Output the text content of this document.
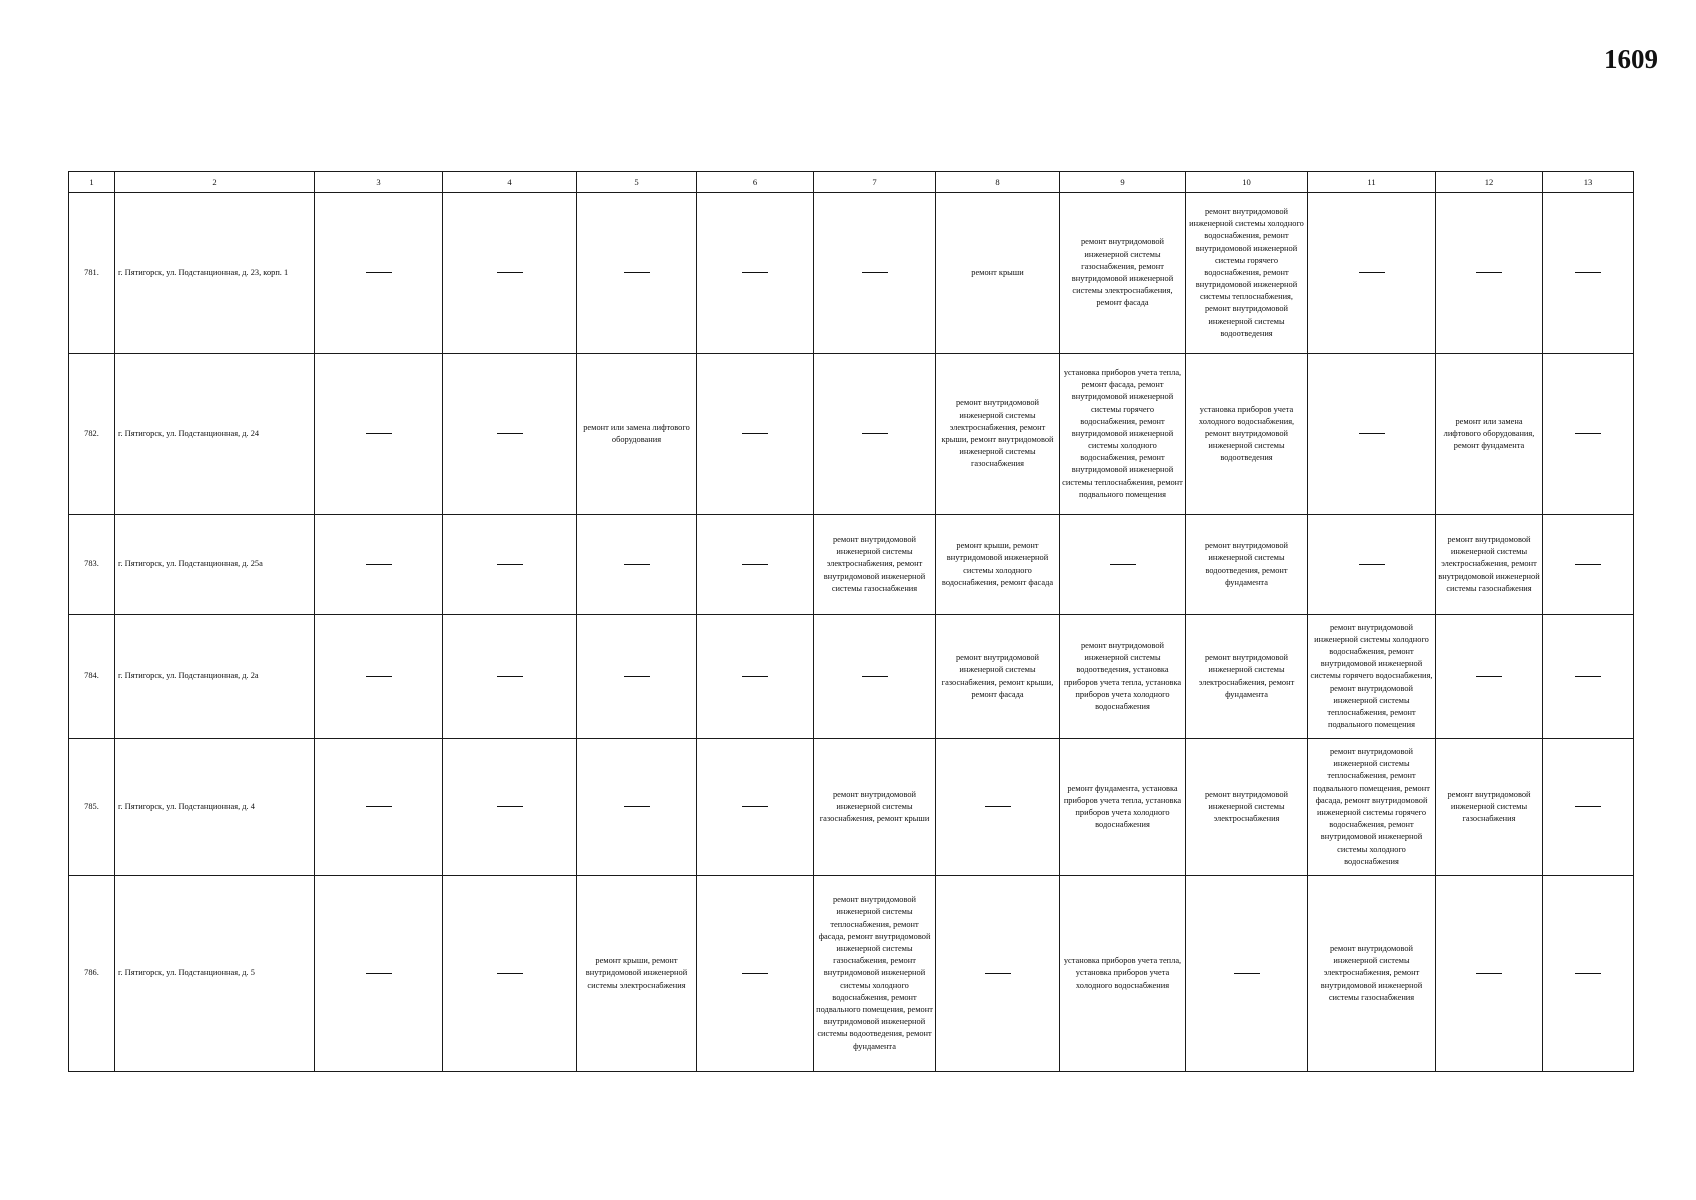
1609
1	2	3	4	5	6	7	8	9	10	11	12	13
781.	г. Пятигорск, ул. Подстанционная, д. 23, корп. 1						ремонт крыши	ремонт внутридомовой инженерной системы газоснабжения, ремонт внутридомовой инженерной системы электроснабжения, ремонт фасада	ремонт внутридомовой инженерной системы холодного водоснабжения, ремонт внутридомовой инженерной системы горячего водоснабжения, ремонт внутридомовой инженерной системы теплоснабжения, ремонт внутридомовой инженерной системы водоотведения			
782.	г. Пятигорск, ул. Подстанционная, д. 24			ремонт или замена лифтового оборудования			ремонт внутридомовой инженерной системы электроснабжения, ремонт крыши, ремонт внутридомовой инженерной системы газоснабжения	установка приборов учета тепла, ремонт фасада, ремонт внутридомовой инженерной системы горячего водоснабжения, ремонт внутридомовой инженерной системы холодного водоснабжения, ремонт внутридомовой инженерной системы теплоснабжения, ремонт подвального помещения	установка приборов учета холодного водоснабжения, ремонт внутридомовой инженерной системы водоотведения		ремонт или замена лифтового оборудования, ремонт фундамента	
783.	г. Пятигорск, ул. Подстанционная, д. 25а					ремонт внутридомовой инженерной системы электроснабжения, ремонт внутридомовой инженерной системы газоснабжения	ремонт крыши, ремонт внутридомовой инженерной системы холодного водоснабжения, ремонт фасада		ремонт внутридомовой инженерной системы водоотведения, ремонт фундамента		ремонт внутридомовой инженерной системы электроснабжения, ремонт внутридомовой инженерной системы газоснабжения	
784.	г. Пятигорск, ул. Подстанционная, д. 2а						ремонт внутридомовой инженерной системы газоснабжения, ремонт крыши, ремонт фасада	ремонт внутридомовой инженерной системы водоотведения, установка приборов учета тепла, установка приборов учета холодного водоснабжения	ремонт внутридомовой инженерной системы электроснабжения, ремонт фундамента	ремонт внутридомовой инженерной системы холодного водоснабжения, ремонт внутридомовой инженерной системы горячего водоснабжения, ремонт внутридомовой инженерной системы теплоснабжения, ремонт подвального помещения		
785.	г. Пятигорск, ул. Подстанционная, д. 4					ремонт внутридомовой инженерной системы газоснабжения, ремонт крыши		ремонт фундамента, установка приборов учета тепла, установка приборов учета холодного водоснабжения	ремонт внутридомовой инженерной системы электроснабжения	ремонт внутридомовой инженерной системы теплоснабжения, ремонт подвального помещения, ремонт фасада, ремонт внутридомовой инженерной системы горячего водоснабжения, ремонт внутридомовой инженерной системы холодного водоснабжения	ремонт внутридомовой инженерной системы газоснабжения	
786.	г. Пятигорск, ул. Подстанционная, д. 5			ремонт крыши, ремонт внутридомовой инженерной системы электроснабжения		ремонт внутридомовой инженерной системы теплоснабжения, ремонт фасада, ремонт внутридомовой инженерной системы газоснабжения, ремонт внутридомовой инженерной системы холодного водоснабжения, ремонт подвального помещения, ремонт внутридомовой инженерной системы водоотведения, ремонт фундамента		установка приборов учета тепла, установка приборов учета холодного водоснабжения		ремонт внутридомовой инженерной системы электроснабжения, ремонт внутридомовой инженерной системы газоснабжения		
